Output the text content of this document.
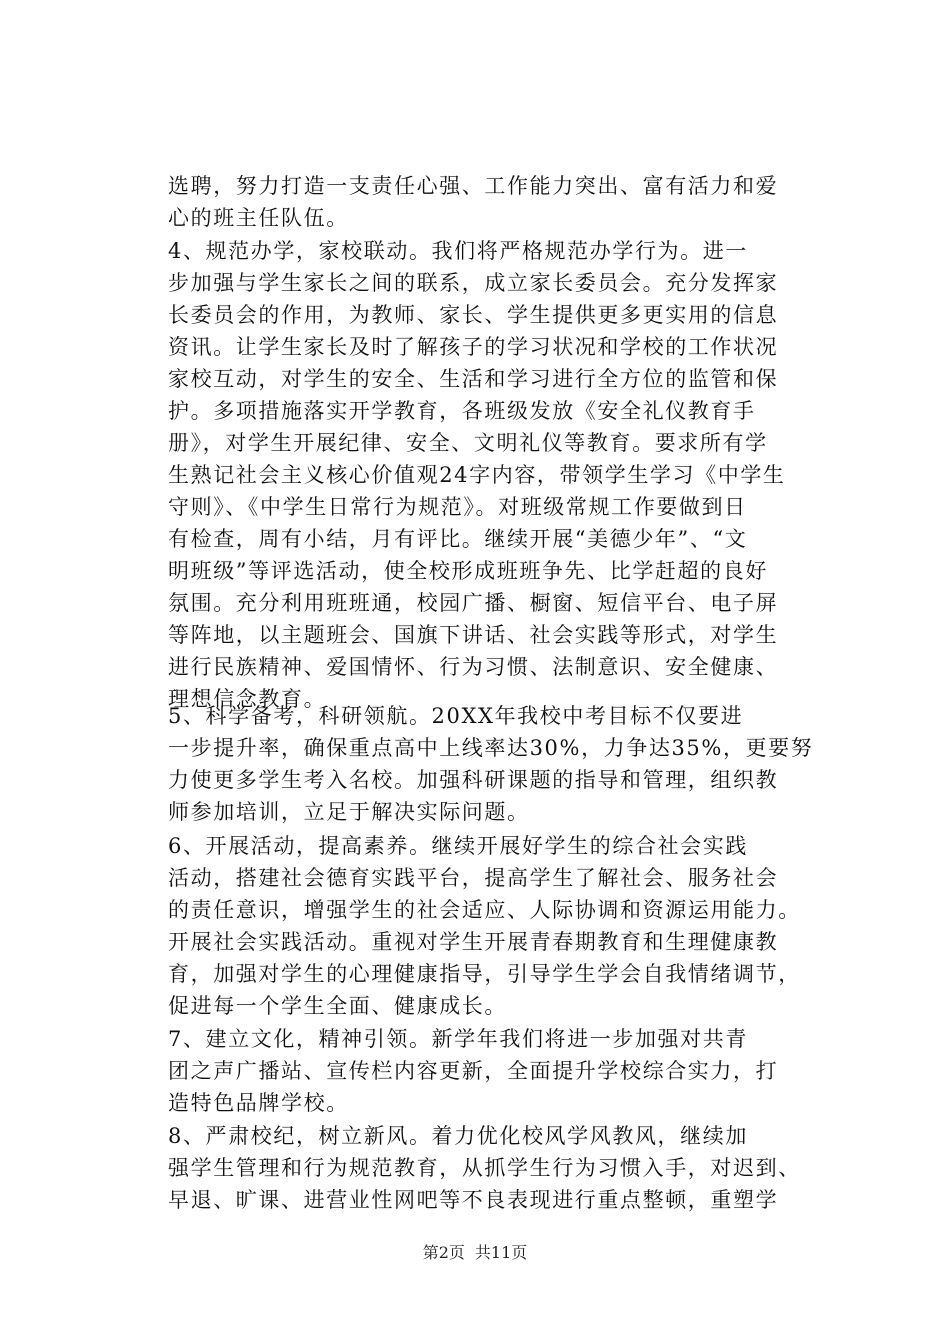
选聘，努力打造一支责任心强、工作能力突出、富有活力和爱
心的班主任队伍。
4、规范办学，家校联动。我们将严格规范办学行为。进一
步加强与学生家长之间的联系，成立家长委员会。充分发挥家
长委员会的作用，为教师、家长、学生提供更多更实用的信息
资讯。让学生家长及时了解孩子的学习状况和学校的工作状况
家校互动，对学生的安全、生活和学习进行全方位的监管和保
护。多项措施落实开学教育，各班级发放《安全礼仪教育手
册》，对学生开展纪律、安全、文明礼仪等教育。要求所有学
生熟记社会主义核心价值观24字内容，带领学生学习《中学生
守则》、《中学生日常行为规范》。对班级常规工作要做到日
有检查，周有小结，月有评比。继续开展“美德少年”、“文
明班级”等评选活动，使全校形成班班争先、比学赶超的良好
氛围。充分利用班班通，校园广播、橱窗、短信平台、电子屏
等阵地，以主题班会、国旗下讲话、社会实践等形式，对学生
进行民族精神、爱国情怀、行为习惯、法制意识、安全健康、
理想信念教育。
5、科学备考，科研领航。20XX年我校中考目标不仅要进
一步提升率，确保重点高中上线率达30%，力争达35%，更要努
力使更多学生考入名校。加强科研课题的指导和管理，组织教
师参加培训，立足于解决实际问题。
6、开展活动，提高素养。继续开展好学生的综合社会实践
活动，搭建社会德育实践平台，提高学生了解社会、服务社会
的责任意识，增强学生的社会适应、人际协调和资源运用能力。
开展社会实践活动。重视对学生开展青春期教育和生理健康教
育，加强对学生的心理健康指导，引导学生学会自我情绪调节，
促进每一个学生全面、健康成长。
7、建立文化，精神引领。新学年我们将进一步加强对共青
团之声广播站、宣传栏内容更新，全面提升学校综合实力，打
造特色品牌学校。
8、严肃校纪，树立新风。着力优化校风学风教风，继续加
强学生管理和行为规范教育，从抓学生行为习惯入手，对迟到、
早退、旷课、进营业性网吧等不良表现进行重点整顿，重塑学
第2页 共11页
